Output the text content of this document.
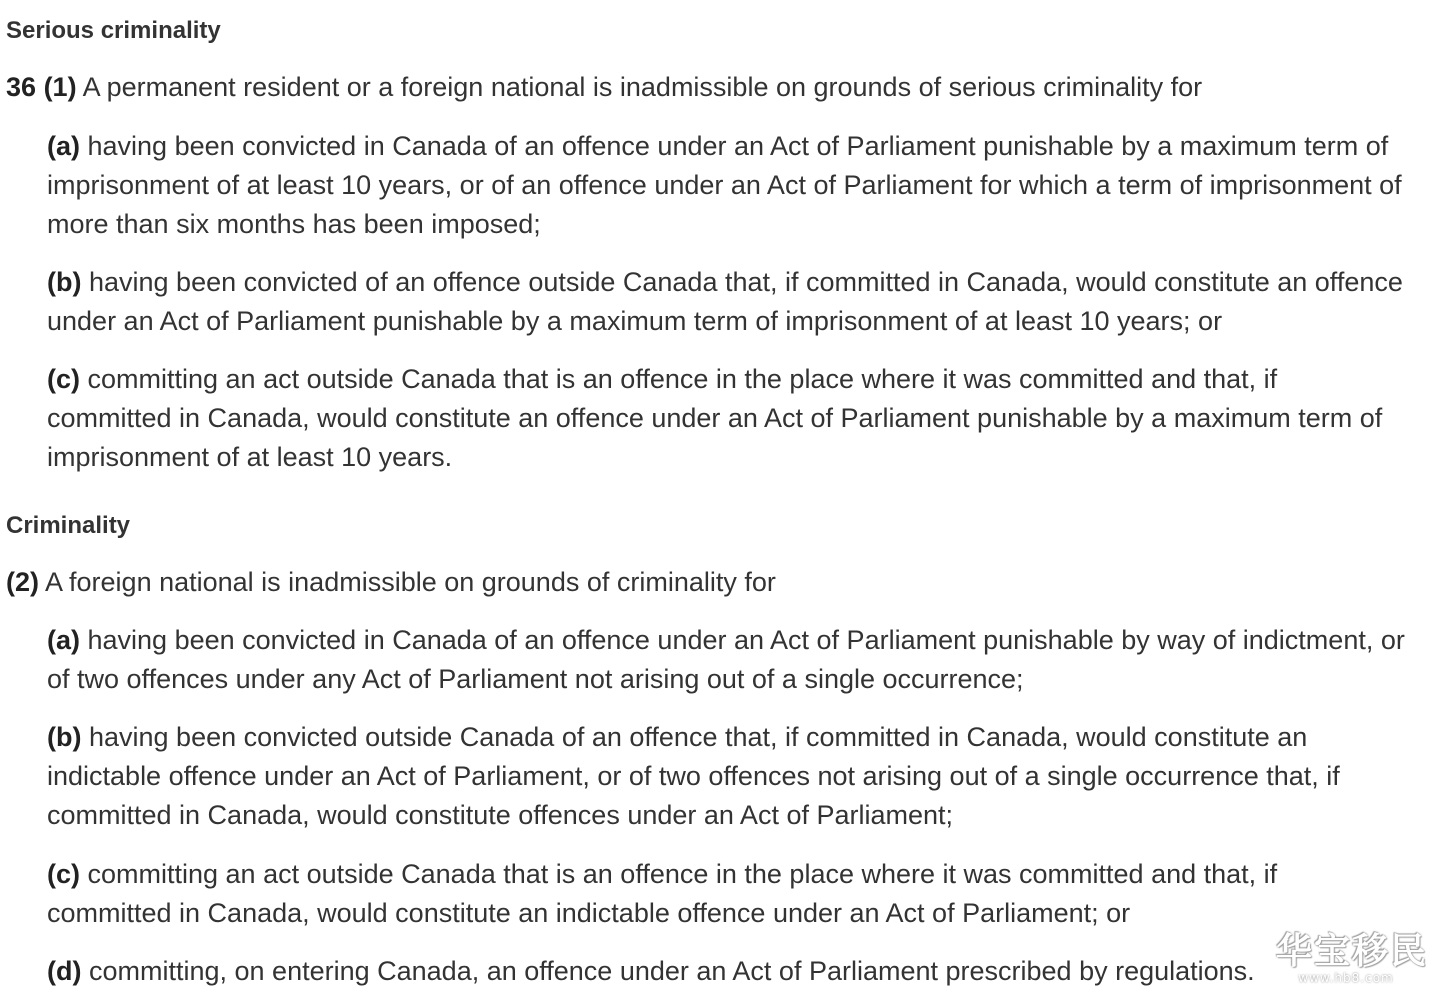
Serious criminality
36 (1) A permanent resident or a foreign national is inadmissible on grounds of serious criminality for
(a) having been convicted in Canada of an offence under an Act of Parliament punishable by a maximum term of imprisonment of at least 10 years, or of an offence under an Act of Parliament for which a term of imprisonment of more than six months has been imposed;
(b) having been convicted of an offence outside Canada that, if committed in Canada, would constitute an offence under an Act of Parliament punishable by a maximum term of imprisonment of at least 10 years; or
(c) committing an act outside Canada that is an offence in the place where it was committed and that, if committed in Canada, would constitute an offence under an Act of Parliament punishable by a maximum term of imprisonment of at least 10 years.
Criminality
(2) A foreign national is inadmissible on grounds of criminality for
(a) having been convicted in Canada of an offence under an Act of Parliament punishable by way of indictment, or of two offences under any Act of Parliament not arising out of a single occurrence;
(b) having been convicted outside Canada of an offence that, if committed in Canada, would constitute an indictable offence under an Act of Parliament, or of two offences not arising out of a single occurrence that, if committed in Canada, would constitute offences under an Act of Parliament;
(c) committing an act outside Canada that is an offence in the place where it was committed and that, if committed in Canada, would constitute an indictable offence under an Act of Parliament; or
(d) committing, on entering Canada, an offence under an Act of Parliament prescribed by regulations. 华宝移民
www.hb8.com
